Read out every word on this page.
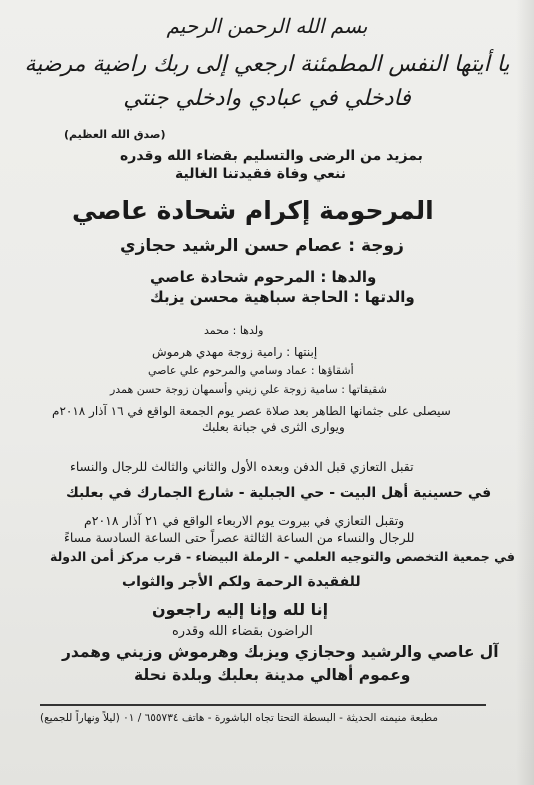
بسم الله الرحمن الرحيم
يا أيتها النفس المطمئنة ارجعي إلى ربك راضية مرضية
فادخلي في عبادي وادخلي جنتي
(صدق الله العظيم)
بمزيد من الرضى والتسليم بقضاء الله وقدره
ننعي وفاة فقيدتنا الغالية
المرحومة إكرام شحادة عاصي
زوجة : عصام حسن الرشيد حجازي
والدها : المرحوم شحادة عاصي
والدتها : الحاجة سباهية محسن يزبك
ولدها : محمد
إبنتها : رامية زوجة مهدي هرموش
أشقاؤها : عماد وسامي والمرحوم علي عاصي
شقيقاتها : سامية زوجة علي زيني وأسمهان زوجة حسن همدر
سيصلى على جثمانها الطاهر بعد صلاة عصر يوم الجمعة الواقع في ١٦ آذار ٢٠١٨م
ويوارى الثرى في جبانة بعلبك
تقبل التعازي قبل الدفن وبعده الأول والثاني والثالث للرجال والنساء
في حسينية أهل البيت - حي الجبلية - شارع الجمارك في بعلبك
وتقبل التعازي في بيروت يوم الاربعاء الواقع في ٢١ آذار ٢٠١٨م
للرجال والنساء من الساعة الثالثة عصراً حتى الساعة السادسة مساءً
في جمعية التخصص والتوجيه العلمي - الرملة البيضاء - قرب مركز أمن الدولة
للفقيدة الرحمة ولكم الأجر والثواب
إنا لله وإنا إليه راجعون
الراضون بقضاء الله وقدره
آل عاصي والرشيد وحجازي ويزبك وهرموش وزيني وهمدر
وعموم أهالي مدينة بعلبك وبلدة نحلة
مطبعة منيمنه الحديثة - البسطة التحتا تجاه الباشورة - هاتف ٦٥٥٧٣٤ / ٠١ (ليلاً ونهاراً للجميع)
